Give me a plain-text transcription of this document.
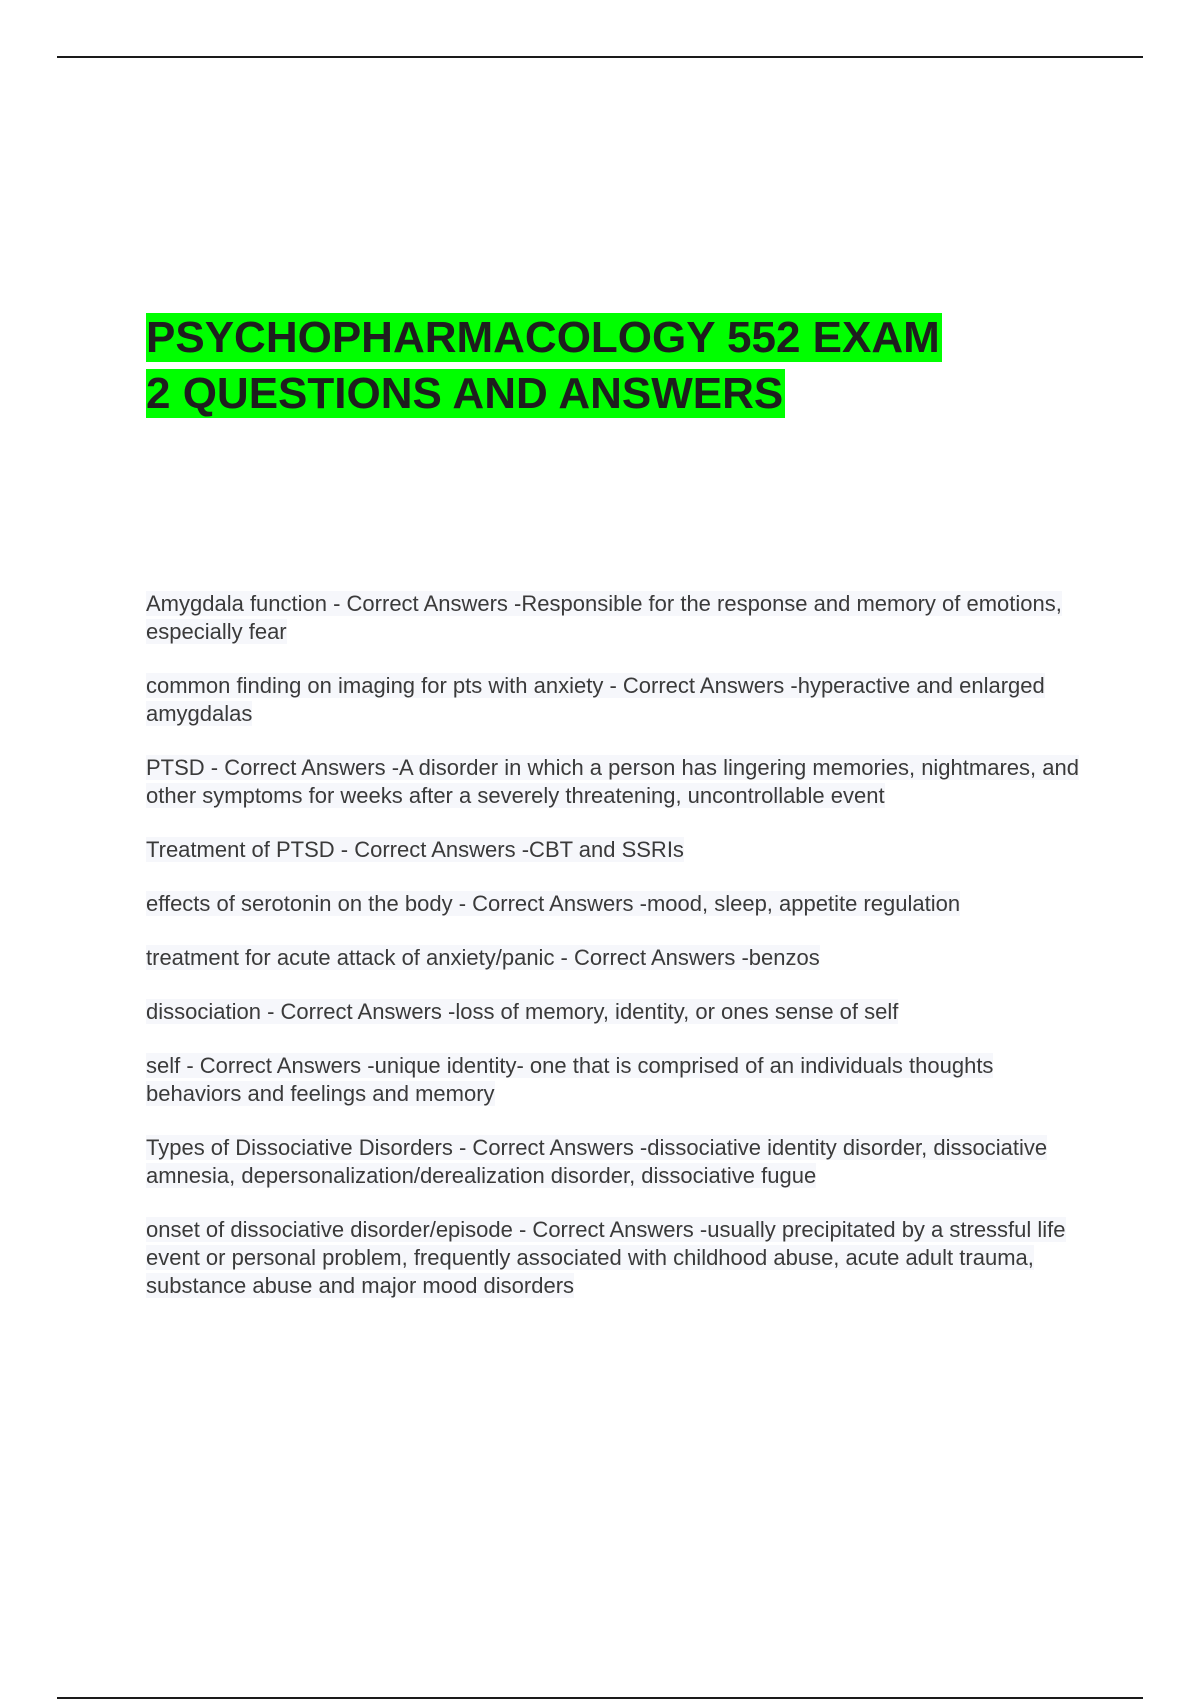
PSYCHOPHARMACOLOGY 552 EXAM
2 QUESTIONS AND ANSWERS

Amygdala function - Correct Answers -Responsible for the response and memory of emotions, especially fear

common finding on imaging for pts with anxiety - Correct Answers -hyperactive and enlarged amygdalas

PTSD - Correct Answers -A disorder in which a person has lingering memories, nightmares, and other symptoms for weeks after a severely threatening, uncontrollable event

Treatment of PTSD - Correct Answers -CBT and SSRIs

effects of serotonin on the body - Correct Answers -mood, sleep, appetite regulation

treatment for acute attack of anxiety/panic - Correct Answers -benzos

dissociation - Correct Answers -loss of memory, identity, or ones sense of self

self - Correct Answers -unique identity- one that is comprised of an individuals thoughts behaviors and feelings and memory

Types of Dissociative Disorders - Correct Answers -dissociative identity disorder, dissociative amnesia, depersonalization/derealization disorder, dissociative fugue

onset of dissociative disorder/episode - Correct Answers -usually precipitated by a stressful life event or personal problem, frequently associated with childhood abuse, acute adult trauma, substance abuse and major mood disorders
